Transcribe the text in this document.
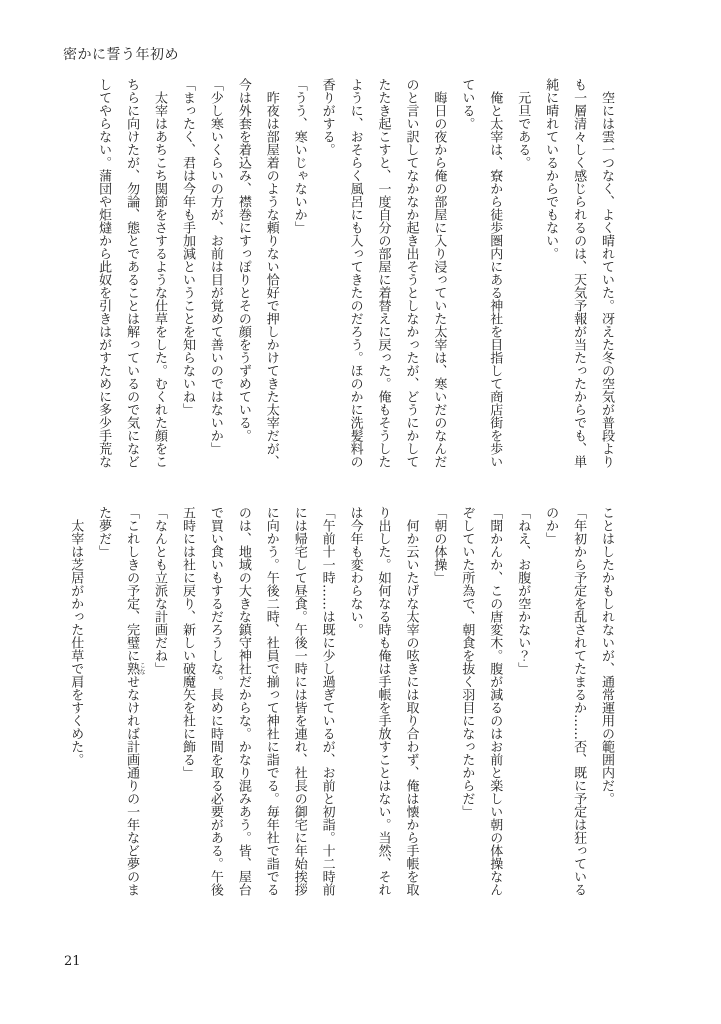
密かに誓う年初め

　空には雲一つなく、よく晴れていた。冴えた冬の空気が普段よりも一層清々しく感じられるのは、天気予報が当たったからでも、単純に晴れているからでもない。

　元旦である。

　俺と太宰は、寮から徒歩圏内にある神社を目指して商店街を歩いている。

　晦日の夜から俺の部屋に入り浸っていた太宰は、寒いだのなんだのと言い訳してなかなか起き出そうとしなかったが、どうにかしてたたき起こすと、一度自分の部屋に着替えに戻った。俺もそうしたように、おそらく風呂にも入ってきたのだろう。ほのかに洗髪料の香りがする。

「うう、寒いじゃないか」

　昨夜は部屋着のような頼りない恰好で押しかけてきた太宰だが、今は外套を着込み、襟巻にすっぽりとその顔をうずめている。

「少し寒いくらいの方が、お前は目が覚めて善いのではないか」

「まったく、君は今年も手加減ということを知らないね」

　太宰はあちこち関節をさするような仕草をした。むくれた顔をこちらに向けたが、勿論、態とであることは解っているので気になどしてやらない。蒲団や炬燵から此奴を引きはがすために多少手荒な

ことはしたかもしれないが、通常運用の範囲内だ。

「年初から予定を乱されてたまるか……否、既に予定は狂っているのか」

「ねえ、お腹が空かない？」

「聞かんか、この唐変木。腹が減るのはお前と楽しい朝の体操なんぞしていた所為で、朝食を抜く羽目になったからだ」

「朝の体操」

　何か云いたげな太宰の呟きには取り合わず、俺は懐から手帳を取り出した。如何なる時も俺は手帳を手放すことはない。当然、それは今年も変わらない。

「午前十一時……は既に少し過ぎているが、お前と初詣。十二時前には帰宅して昼食。午後一時には皆を連れ、社長の御宅に年始挨拶に向かう。午後二時、社員で揃って神社に詣でる。毎年社で詣でるのは、地域の大きな鎮守神社だからな。かなり混みあう。皆、屋台で買い食いもするだろうしな。長めに時間を取る必要がある。午後五時には社に戻り、新しい破魔矢を社に飾る」

「なんとも立派な計画だね」

「これしきの予定、完璧に熟 こなせなければ計画通りの一年など夢のまた夢だ」

　太宰は芝居がかった仕草で肩をすくめた。

21
